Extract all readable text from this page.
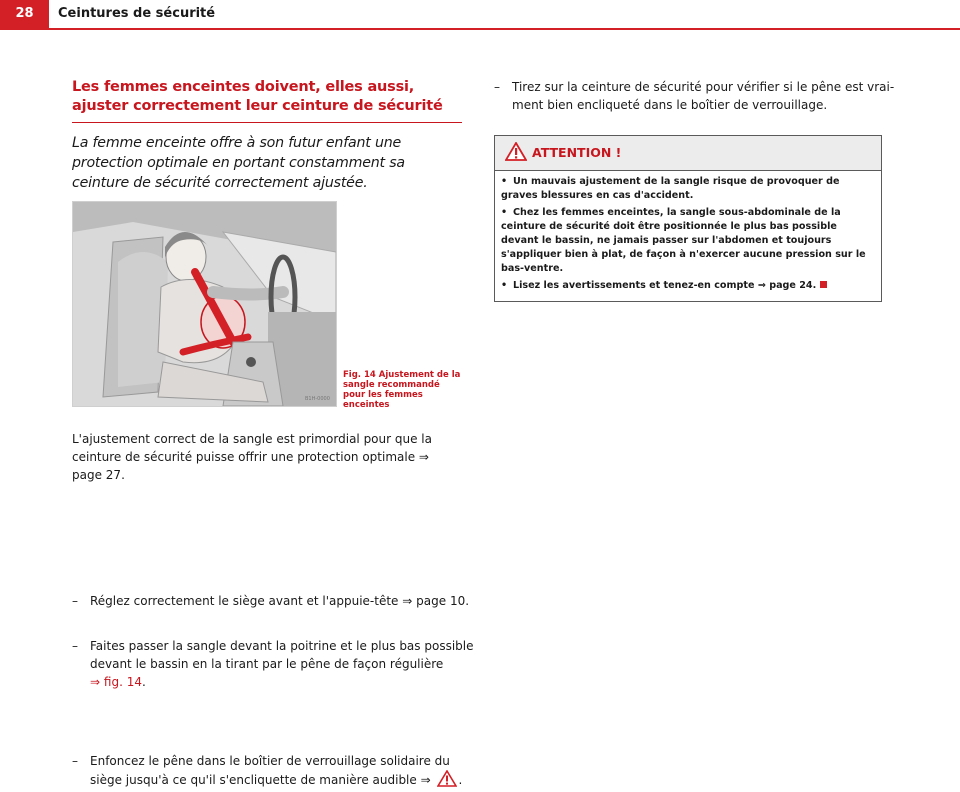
28	Ceintures de sécurité
Les femmes enceintes doivent, elles aussi, ajuster correctement leur ceinture de sécurité

La femme enceinte offre à son futur enfant une protection optimale en portant constamment sa ceinture de sécurité correctement ajustée.

B1H-0000
Fig. 14 Ajustement de la sangle recommandé pour les femmes enceintes

L'ajustement correct de la sangle est primordial pour que la ceinture de sécurité puisse offrir une protection optimale ⇒ page 27.

– Réglez correctement le siège avant et l'appuie-tête ⇒ page 10.
– Faites passer la sangle devant la poitrine et le plus bas possible devant le bassin en la tirant par le pêne de façon régulière
⇒ fig. 14.
– Enfoncez le pêne dans le boîtier de verrouillage solidaire du siège jusqu'à ce qu'il s'encliquette de manière audible ⇒ .
– Tirez sur la ceinture de sécurité pour vérifier si le pêne est vrai-ment bien encliqueté dans le boîtier de verrouillage.
ATTENTION !

• Un mauvais ajustement de la sangle risque de provoquer de graves blessures en cas d'accident.

• Chez les femmes enceintes, la sangle sous-abdominale de la ceinture de sécurité doit être positionnée le plus bas possible devant le bassin, ne jamais passer sur l'abdomen et toujours s'appliquer bien à plat, de façon à n'exercer aucune pression sur le bas-ventre.

• Lisez les avertissements et tenez-en compte ⇒ page 24.
